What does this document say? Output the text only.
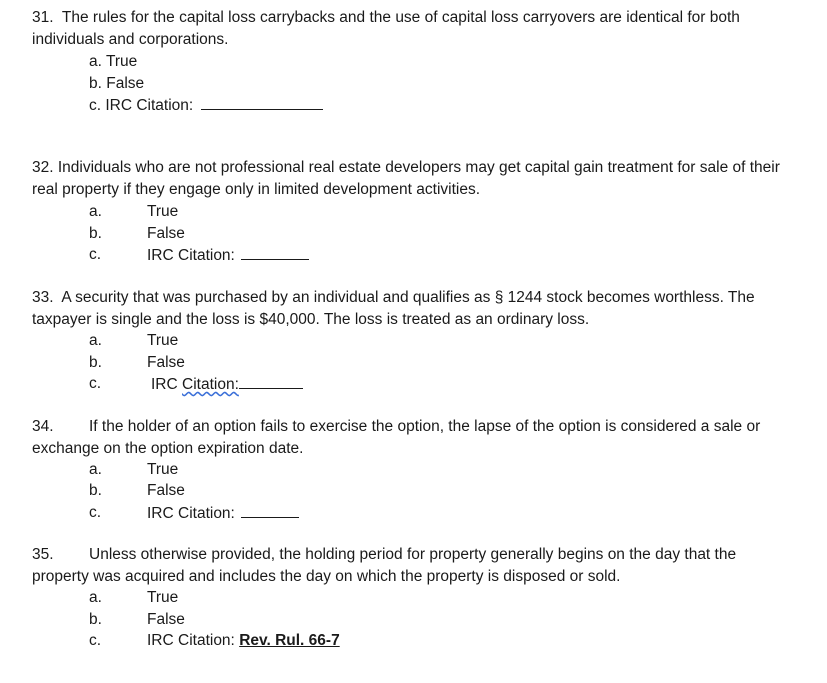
31. The rules for the capital loss carrybacks and the use of capital loss carryovers are identical for both individuals and corporations.

a. True
b. False
c. IRC Citation:

32. Individuals who are not professional real estate developers may get capital gain treatment for sale of their real property if they engage only in limited development activities.

a.	True
b.	False
c.	IRC Citation:

33. A security that was purchased by an individual and qualifies as § 1244 stock becomes worthless. The taxpayer is single and the loss is $40,000. The loss is treated as an ordinary loss.

a.	True
b.	False
c.	IRC Citation:

34. If the holder of an option fails to exercise the option, the lapse of the option is considered a sale or exchange on the option expiration date.

a.	True
b.	False
c.	IRC Citation:

35. Unless otherwise provided, the holding period for property generally begins on the day that the property was acquired and includes the day on which the property is disposed or sold.

a.	True
b.	False
c.	IRC Citation: Rev. Rul. 66-7
